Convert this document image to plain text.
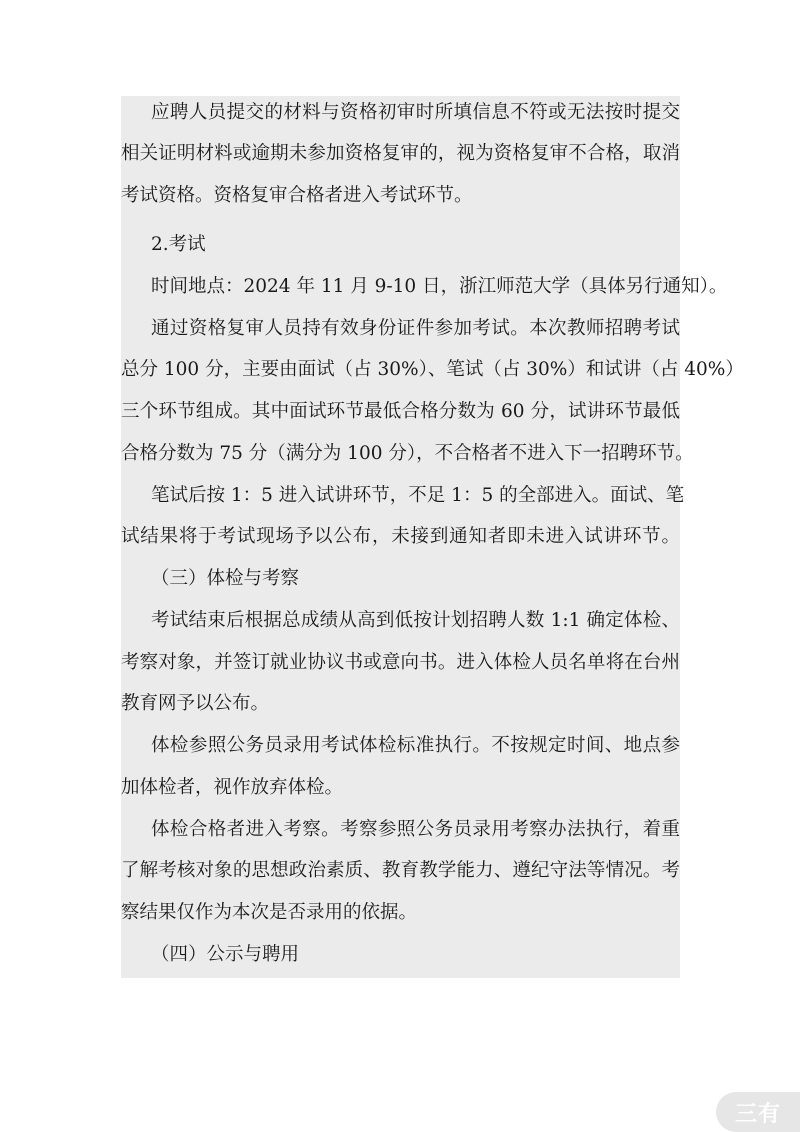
应聘人员提交的材料与资格初审时所填信息不符或无法按时提交
相关证明材料或逾期未参加资格复审的，视为资格复审不合格，取消
考试资格。资格复审合格者进入考试环节。
2.考试
时间地点：2024 年 11 月 9-10 日，浙江师范大学（具体另行通知）。
通过资格复审人员持有效身份证件参加考试。本次教师招聘考试
总分 100 分，主要由面试（占 30%）、笔试（占 30%）和试讲（占 40%）
三个环节组成。其中面试环节最低合格分数为 60 分，试讲环节最低
合格分数为 75 分（满分为 100 分），不合格者不进入下一招聘环节。
笔试后按 1：5 进入试讲环节，不足 1：5 的全部进入。面试、笔
试结果将于考试现场予以公布，未接到通知者即未进入试讲环节。
（三）体检与考察
考试结束后根据总成绩从高到低按计划招聘人数 1:1 确定体检、
考察对象，并签订就业协议书或意向书。进入体检人员名单将在台州
教育网予以公布。
体检参照公务员录用考试体检标准执行。不按规定时间、地点参
加体检者，视作放弃体检。
体检合格者进入考察。考察参照公务员录用考察办法执行，着重
了解考核对象的思想政治素质、教育教学能力、遵纪守法等情况。考
察结果仅作为本次是否录用的依据。
（四）公示与聘用
三有
